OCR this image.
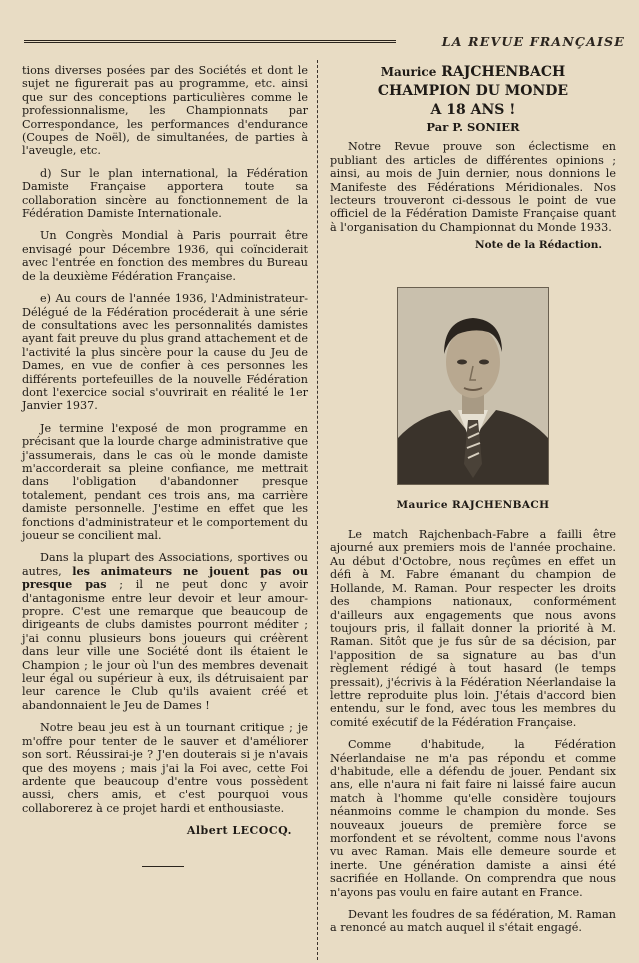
LA REVUE FRANÇAISE

tions diverses posées par des Sociétés et dont le sujet ne figurerait pas au programme, etc. ainsi que sur des conceptions particulières comme le professionnalisme, les Championnats par Correspondance, les performances d'endurance (Coupes de Noël), de simultanées, de parties à l'aveugle, etc.

d) Sur le plan international, la Fédération Damiste Française apportera toute sa collaboration sincère au fonctionnement de la Fédération Damiste Internationale.

Un Congrès Mondial à Paris pourrait être envisagé pour Décembre 1936, qui coïnciderait avec l'entrée en fonction des membres du Bureau de la deuxième Fédération Française.

e) Au cours de l'année 1936, l'Administrateur-Délégué de la Fédération procéderait à une série de consultations avec les personnalités damistes ayant fait preuve du plus grand attachement et de l'activité la plus sincère pour la cause du Jeu de Dames, en vue de confier à ces personnes les différents portefeuilles de la nouvelle Fédération dont l'exercice social s'ouvrirait en réalité le 1er Janvier 1937.

Je termine l'exposé de mon programme en précisant que la lourde charge administrative que j'assumerais, dans le cas où le monde damiste m'accorderait sa pleine confiance, me mettrait dans l'obligation d'abandonner presque totalement, pendant ces trois ans, ma carrière damiste personnelle. J'estime en effet que les fonctions d'administrateur et le comportement du joueur se concilient mal.

Dans la plupart des Associations, sportives ou autres, les animateurs ne jouent pas ou presque pas ; il ne peut donc y avoir d'antagonisme entre leur devoir et leur amour-propre. C'est une remarque que beaucoup de dirigeants de clubs damistes pourront méditer ; j'ai connu plusieurs bons joueurs qui créèrent dans leur ville une Société dont ils étaient le Champion ; le jour où l'un des membres devenait leur égal ou supérieur à eux, ils détruisaient par leur carence le Club qu'ils avaient créé et abandonnaient le Jeu de Dames !

Notre beau jeu est à un tournant critique ; je m'offre pour tenter de le sauver et d'améliorer son sort. Réussirai-je ? J'en douterais si je n'avais que des moyens ; mais j'ai la Foi avec, cette Foi ardente que beaucoup d'entre vous possèdent aussi, chers amis, et c'est pourquoi vous collaborerez à ce projet hardi et enthousiaste.

Albert LECOCQ.
Maurice RAJCHENBACH
CHAMPION DU MONDE
A 18 ANS !
Par P. SONIER

Notre Revue prouve son éclectisme en publiant des articles de différentes opinions ; ainsi, au mois de Juin dernier, nous donnions le Manifeste des Fédérations Méridionales. Nos lecteurs trouveront ci-dessous le point de vue officiel de la Fédération Damiste Française quant à l'organisation du Championnat du Monde 1933.

Note de la Rédaction.
Maurice RAJCHENBACH

Le match Rajchenbach-Fabre a failli être ajourné aux premiers mois de l'année prochaine. Au début d'Octobre, nous reçûmes en effet un défi à M. Fabre émanant du champion de Hollande, M. Raman. Pour respecter les droits des champions nationaux, conformément d'ailleurs aux engagements que nous avons toujours pris, il fallait donner la priorité à M. Raman. Sitôt que je fus sûr de sa décision, par l'apposition de sa signature au bas d'un règlement rédigé à tout hasard (le temps pressait), j'écrivis à la Fédération Néerlandaise la lettre reproduite plus loin. J'étais d'accord bien entendu, sur le fond, avec tous les membres du comité exécutif de la Fédération Française.

Comme d'habitude, la Fédération Néerlandaise ne m'a pas répondu et comme d'habitude, elle a défendu de jouer. Pendant six ans, elle n'aura ni fait faire ni laissé faire aucun match à l'homme qu'elle considère toujours néanmoins comme le champion du monde. Ses nouveaux joueurs de première force se morfondent et se révoltent, comme nous l'avons vu avec Raman. Mais elle demeure sourde et inerte. Une génération damiste a ainsi été sacrifiée en Hollande. On comprendra que nous n'ayons pas voulu en faire autant en France.

Devant les foudres de sa fédération, M. Raman a renoncé au match auquel il s'était engagé.
